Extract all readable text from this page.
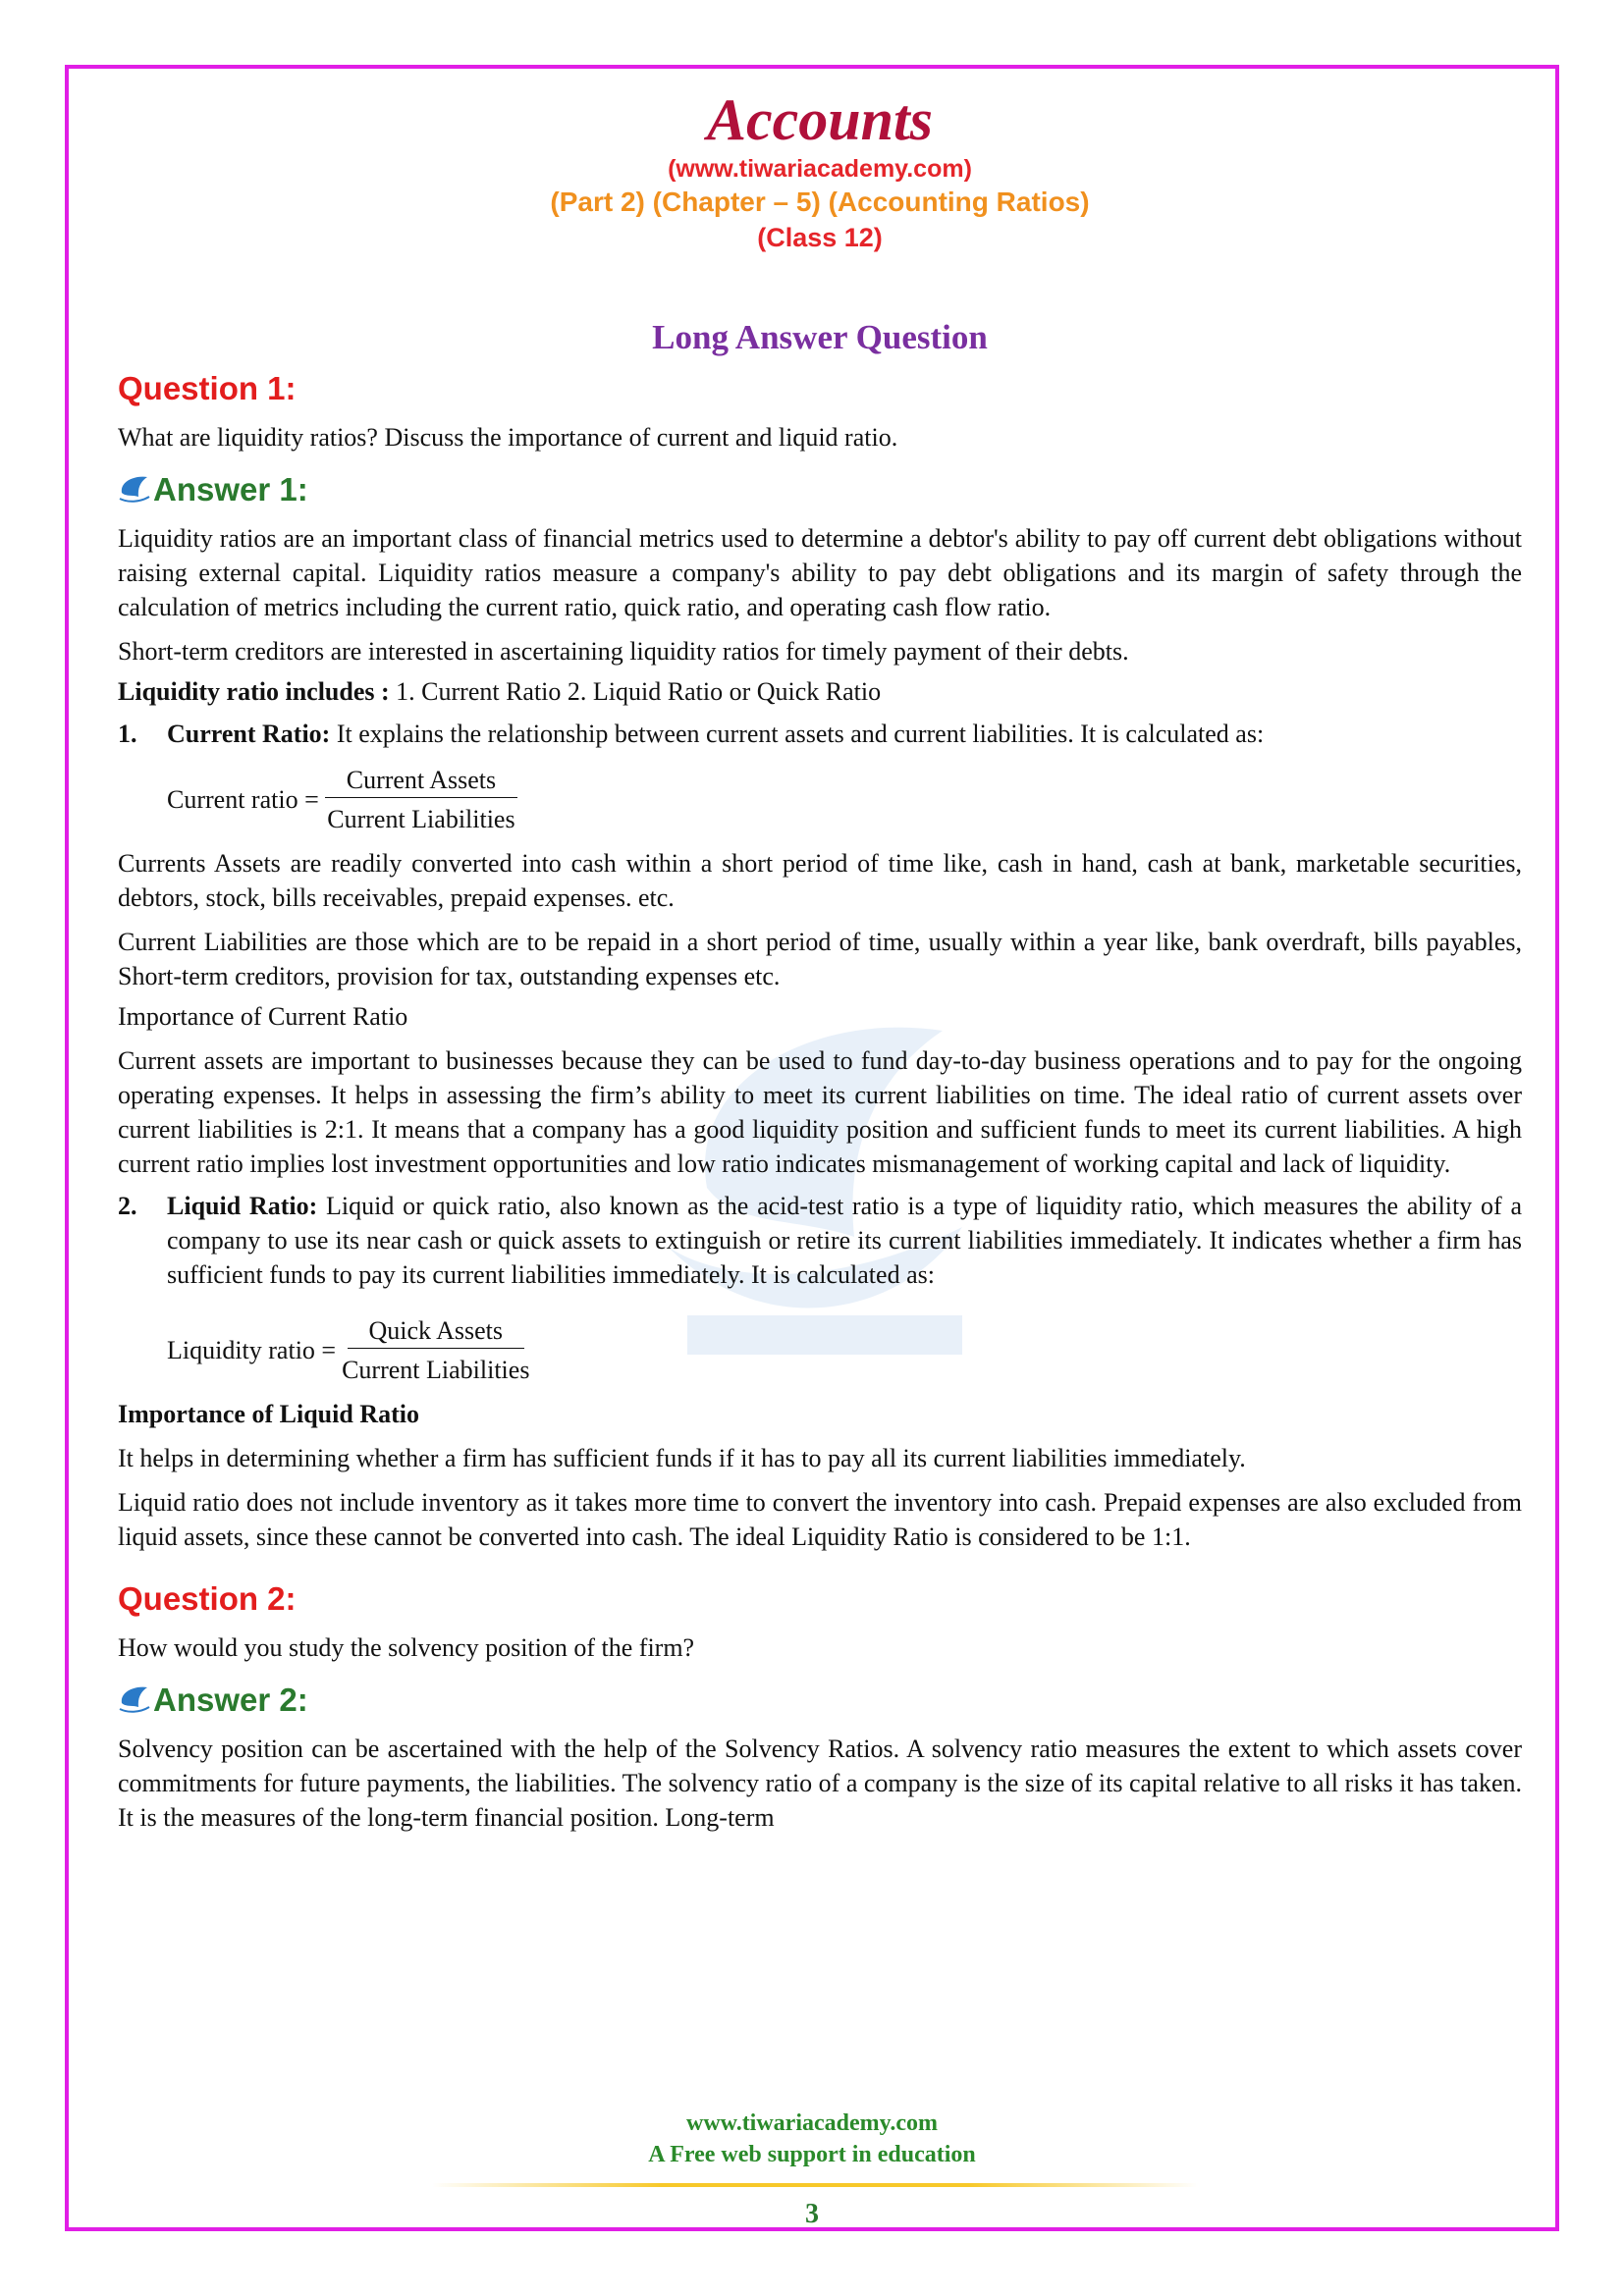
Accounts
(www.tiwariacademy.com)
(Part 2) (Chapter – 5) (Accounting Ratios)
(Class 12)
Long Answer Question
Question 1:

What are liquidity ratios? Discuss the importance of current and liquid ratio.

Answer 1:

Liquidity ratios are an important class of financial metrics used to determine a debtor's ability to pay off current debt obligations without raising external capital. Liquidity ratios measure a company's ability to pay debt obligations and its margin of safety through the calculation of metrics including the current ratio, quick ratio, and operating cash flow ratio.

Short-term creditors are interested in ascertaining liquidity ratios for timely payment of their debts.

Liquidity ratio includes : 1. Current Ratio 2. Liquid Ratio or Quick Ratio

1.	Current Ratio: It explains the relationship between current assets and current liabilities. It is calculated as:
Current ratio = $\frac{\text{Current Assets}}{\text{Current Liabilities}}$

Currents Assets are readily converted into cash within a short period of time like, cash in hand, cash at bank, marketable securities, debtors, stock, bills receivables, prepaid expenses. etc.

Current Liabilities are those which are to be repaid in a short period of time, usually within a year like, bank overdraft, bills payables, Short-term creditors, provision for tax, outstanding expenses etc.

Importance of Current Ratio

Current assets are important to businesses because they can be used to fund day-to-day business operations and to pay for the ongoing operating expenses. It helps in assessing the firm’s ability to meet its current liabilities on time. The ideal ratio of current assets over current liabilities is 2:1. It means that a company has a good liquidity position and sufficient funds to meet its current liabilities. A high current ratio implies lost investment opportunities and low ratio indicates mismanagement of working capital and lack of liquidity.

2.	Liquid Ratio: Liquid or quick ratio, also known as the acid-test ratio is a type of liquidity ratio, which measures the ability of a company to use its near cash or quick assets to extinguish or retire its current liabilities immediately. It indicates whether a firm has sufficient funds to pay its current liabilities immediately. It is calculated as:
Liquidity ratio = $\frac{\text{Quick Assets}}{\text{Current Liabilities}}$

Importance of Liquid Ratio

It helps in determining whether a firm has sufficient funds if it has to pay all its current liabilities immediately.

Liquid ratio does not include inventory as it takes more time to convert the inventory into cash. Prepaid expenses are also excluded from liquid assets, since these cannot be converted into cash. The ideal Liquidity Ratio is considered to be 1:1.

Question 2:

How would you study the solvency position of the firm?

Answer 2:

Solvency position can be ascertained with the help of the Solvency Ratios. A solvency ratio measures the extent to which assets cover commitments for future payments, the liabilities. The solvency ratio of a company is the size of its capital relative to all risks it has taken. It is the measures of the long-term financial position. Long-term

www.tiwariacademy.com
A Free web support in education
3
